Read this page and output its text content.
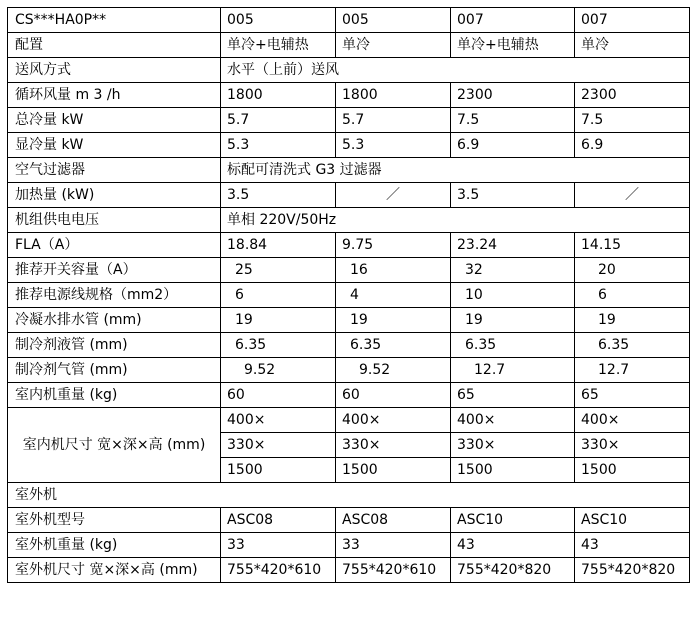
CS***HA0P**	005	005	007	007
配置	单冷+电辅热	单冷	单冷+电辅热	单冷
送风方式	水平（上前）送风			
循环风量 m 3 /h	1800	1800	2300	2300
总冷量 kW	5.7	5.7	7.5	7.5
显冷量 kW	5.3	5.3	6.9	6.9
空气过滤器	标配可清洗式 G3 过滤器			
加热量 (kW)	3.5	／	3.5	／
机组供电电压	单相 220V/50Hz			
FLA（A）	18.84	9.75	23.24	14.15
推荐开关容量（A）	25	16	32	20
推荐电源线规格（mm2）	6	4	10	6
冷凝水排水管 (mm)	19	19	19	19
制冷剂液管 (mm)	6.35	6.35	6.35	6.35
制冷剂气管 (mm)	9.52	9.52	12.7	12.7
室内机重量 (kg)	60	60	65	65
室内机尺寸 宽×深×高 (mm)	400×	400×	400×	400×
	330×	330×	330×	330×
	1500	1500	1500	1500
室外机				
室外机型号	ASC08	ASC08	ASC10	ASC10
室外机重量 (kg)	33	33	43	43
室外机尺寸 宽×深×高 (mm)	755*420*610	755*420*610	755*420*820	755*420*820
